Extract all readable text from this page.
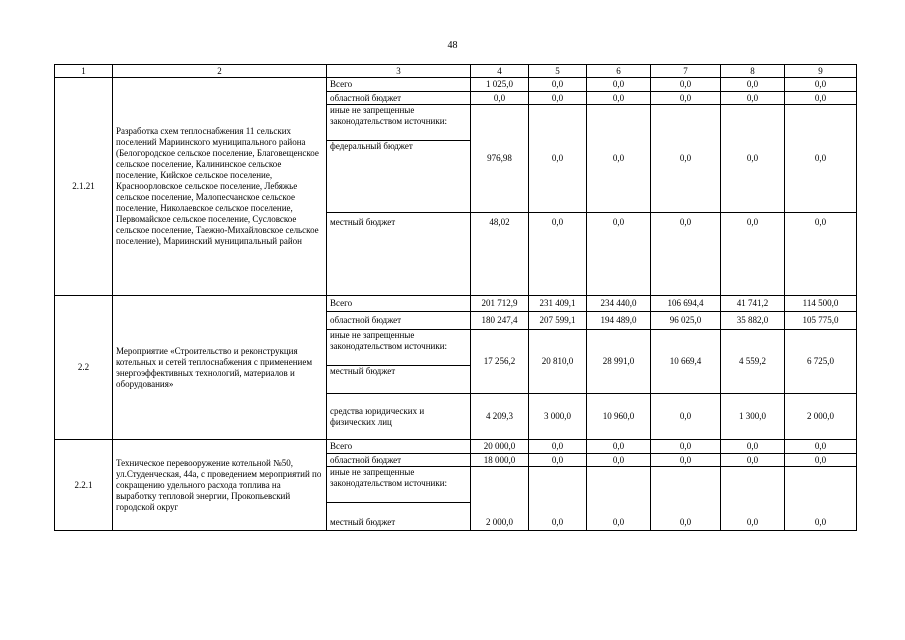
48
1	2	3	4	5	6	7	8	9
2.1.21	Разработка схем теплоснабжения 11 сельских поселений Мариинского муниципального района (Белогородское сельское поселение, Благовещенское сельское поселение, Калининское сельское поселение, Кийское сельское поселение, Красноорловское сельское поселение, Лебяжье сельское поселение, Малопесчанское сельское поселение, Николаевское сельское поселение, Первомайское сельское поселение, Сусловское сельское поселение, Таежно-Михайловское сельское поселение), Мариинский муниципальный район	Всего	1 025,0	0,0	0,0	0,0	0,0	0,0
		областной бюджет	0,0	0,0	0,0	0,0	0,0	0,0
		иные не запрещенные законодательством источники:	976,98	0,0	0,0	0,0	0,0	0,0
		федеральный бюджет						
		местный бюджет	48,02	0,0	0,0	0,0	0,0	0,0
2.2	Мероприятие «Строительство и реконструкция котельных и сетей теплоснабжения с применением энергоэффективных технологий, материалов и оборудования»	Всего	201 712,9	231 409,1	234 440,0	106 694,4	41 741,2	114 500,0
		областной бюджет	180 247,4	207 599,1	194 489,0	96 025,0	35 882,0	105 775,0
		иные не запрещенные законодательством источники:	17 256,2	20 810,0	28 991,0	10 669,4	4 559,2	6 725,0
		местный бюджет						
		средства юридических и физических лиц	4 209,3	3 000,0	10 960,0	0,0	1 300,0	2 000,0
2.2.1	Техническое перевооружение котельной №50, ул.Студенческая, 44а, с проведением мероприятий по сокращению удельного расхода топлива на выработку тепловой энергии, Прокопьевский городской округ	Всего	20 000,0	0,0	0,0	0,0	0,0	0,0
		областной бюджет	18 000,0	0,0	0,0	0,0	0,0	0,0
		иные не запрещенные законодательством источники:	2 000,0	0,0	0,0	0,0	0,0	0,0
		местный бюджет						
